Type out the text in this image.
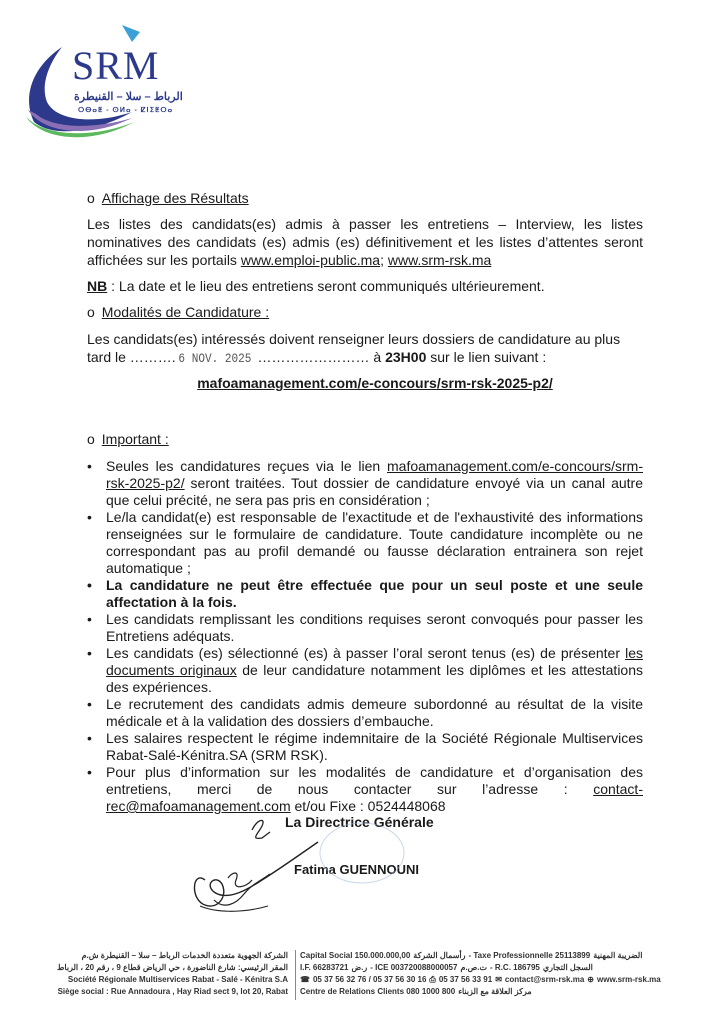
SRM
الرباط – سلا – القنيطرة
ⵔⴱⴰⵟ - ⵙⵍⴰ - ⵇⵏⵉⵟⵔⴰ
o Affichage des Résultats

Les listes des candidats(es) admis à passer les entretiens – Interview, les listes nominatives des candidats (es) admis (es) définitivement et les listes d’attentes seront affichées sur les portails www.emploi-public.ma; www.srm-rsk.ma

NB : La date et le lieu des entretiens seront communiqués ultérieurement.
o Modalités de Candidature :
Les candidats(es) intéressés doivent renseigner leurs dossiers de candidature au plus
tard le ………. 6 NOV. 2025 …………………… à 23H00 sur le lien suivant :
mafoamanagement.com/e-concours/srm-rsk-2025-p2/
o Important :
• Seules les candidatures reçues via le lien mafoamanagement.com/e-concours/srm-rsk-2025-p2/ seront traitées. Tout dossier de candidature envoyé via un canal autre que celui précité, ne sera pas pris en considération ;
• Le/la candidat(e) est responsable de l'exactitude et de l'exhaustivité des informations renseignées sur le formulaire de candidature. Toute candidature incomplète ou ne correspondant pas au profil demandé ou fausse déclaration entrainera son rejet automatique ;
• La candidature ne peut être effectuée que pour un seul poste et une seule affectation à la fois.
• Les candidats remplissant les conditions requises seront convoqués pour passer les Entretiens adéquats.
• Les candidats (es) sélectionné (es) à passer l’oral seront tenus (es) de présenter les documents originaux de leur candidature notamment les diplômes et les attestations des expériences.
• Le recrutement des candidats admis demeure subordonné au résultat de la visite médicale et à la validation des dossiers d’embauche.
• Les salaires respectent le régime indemnitaire de la Société Régionale Multiservices Rabat-Salé-Kénitra.SA (SRM RSK).
• Pour plus d’information sur les modalités de candidature et d’organisation des entretiens, merci de nous contacter sur l’adresse : contact-rec@mafoamanagement.com et/ou Fixe : 0524448068
La Directrice Générale
Fatima GUENNOUNI
الشركة الجهوية متعددة الخدمات الرباط – سلا – القنيطرة ش.م
المقر الرئيسي: شارع الناضورة ، حي الرياض قطاع 9 ، رقم 20 ، الرباط
Société Régionale Multiservices Rabat - Salé - Kénitra S.A
Siège social : Rue Annadoura , Hay Riad sect 9, lot 20, Rabat
Capital Social 150.000.000,00 رأسمال الشركة - Taxe Professionnelle 25113899 الضريبة المهنية
I.F. 66283721 ر.ض - ICE 003720088000057 ت.ص.م - R.C. 186795 السجل التجاري
☎ 05 37 56 32 76 / 05 37 56 30 16 ⎙ 05 37 56 33 91 ✉ contact@srm-rsk.ma ⊕ www.srm-rsk.ma
Centre de Relations Clients 080 1000 800 مركز العلاقة مع الزبناء
